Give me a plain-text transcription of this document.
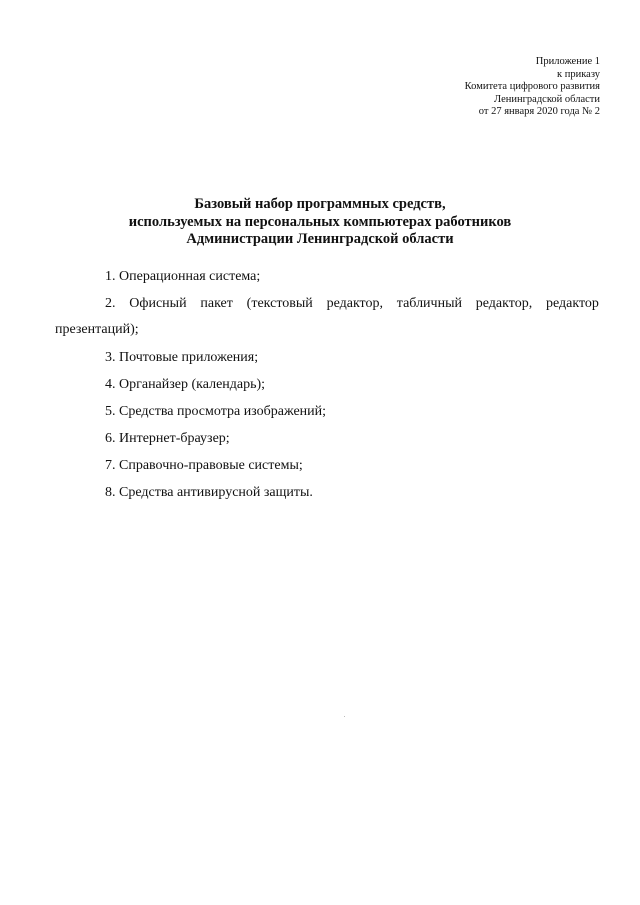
Приложение 1
к приказу
Комитета цифрового развития
Ленинградской области
от 27 января 2020 года № 2
Базовый набор программных средств,
используемых на персональных компьютерах работников
Администрации Ленинградской области
1. Операционная система;
2. Офисный пакет (текстовый редактор, табличный редактор, редактор
презентаций);
3. Почтовые приложения;
4. Органайзер (календарь);
5. Средства просмотра изображений;
6. Интернет-браузер;
7. Справочно-правовые системы;
8. Средства антивирусной защиты.
